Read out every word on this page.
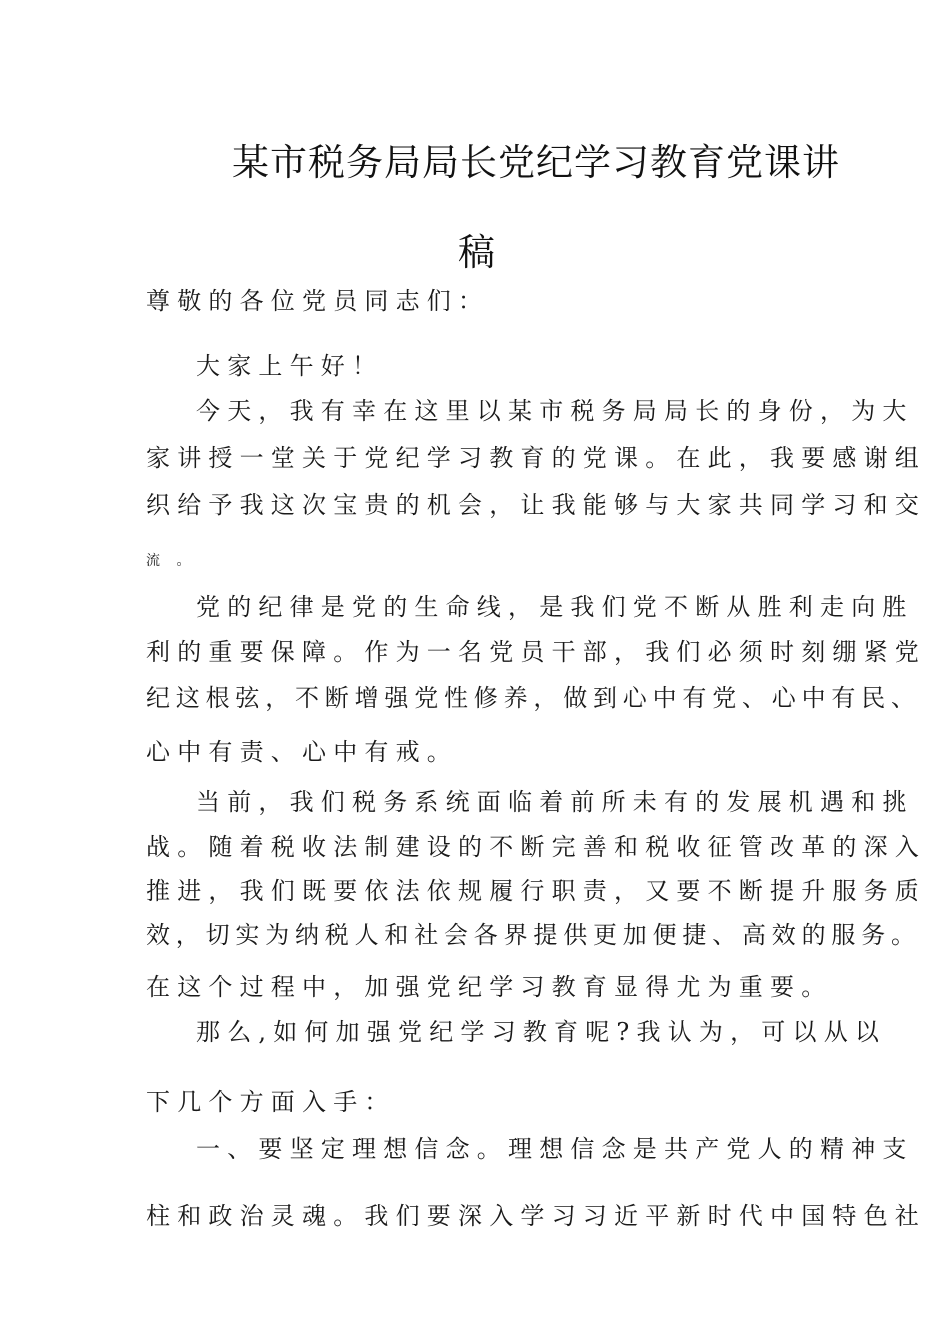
某市税务局局长党纪学习教育党课讲
稿
尊敬的各位党员同志们：
大家上午好！
今天，我有幸在这里以某市税务局局长的身份，为大
家讲授一堂关于党纪学习教育的党课。在此，我要感谢组
织给予我这次宝贵的机会，让我能够与大家共同学习和交
流 。
党的纪律是党的生命线，是我们党不断从胜利走向胜
利的重要保障。作为一名党员干部，我们必须时刻绷紧党
纪这根弦，不断增强党性修养，做到心中有党、心中有民、
心中有责、心中有戒。
当前，我们税务系统面临着前所未有的发展机遇和挑
战。随着税收法制建设的不断完善和税收征管改革的深入
推进，我们既要依法依规履行职责，又要不断提升服务质
效，切实为纳税人和社会各界提供更加便捷、高效的服务。
在这个过程中，加强党纪学习教育显得尤为重要。
那么,如何加强党纪学习教育呢?我认为，可以从以
下几个方面入手：
一、要坚定理想信念。理想信念是共产党人的精神支
柱和政治灵魂。我们要深入学习习近平新时代中国特色社
